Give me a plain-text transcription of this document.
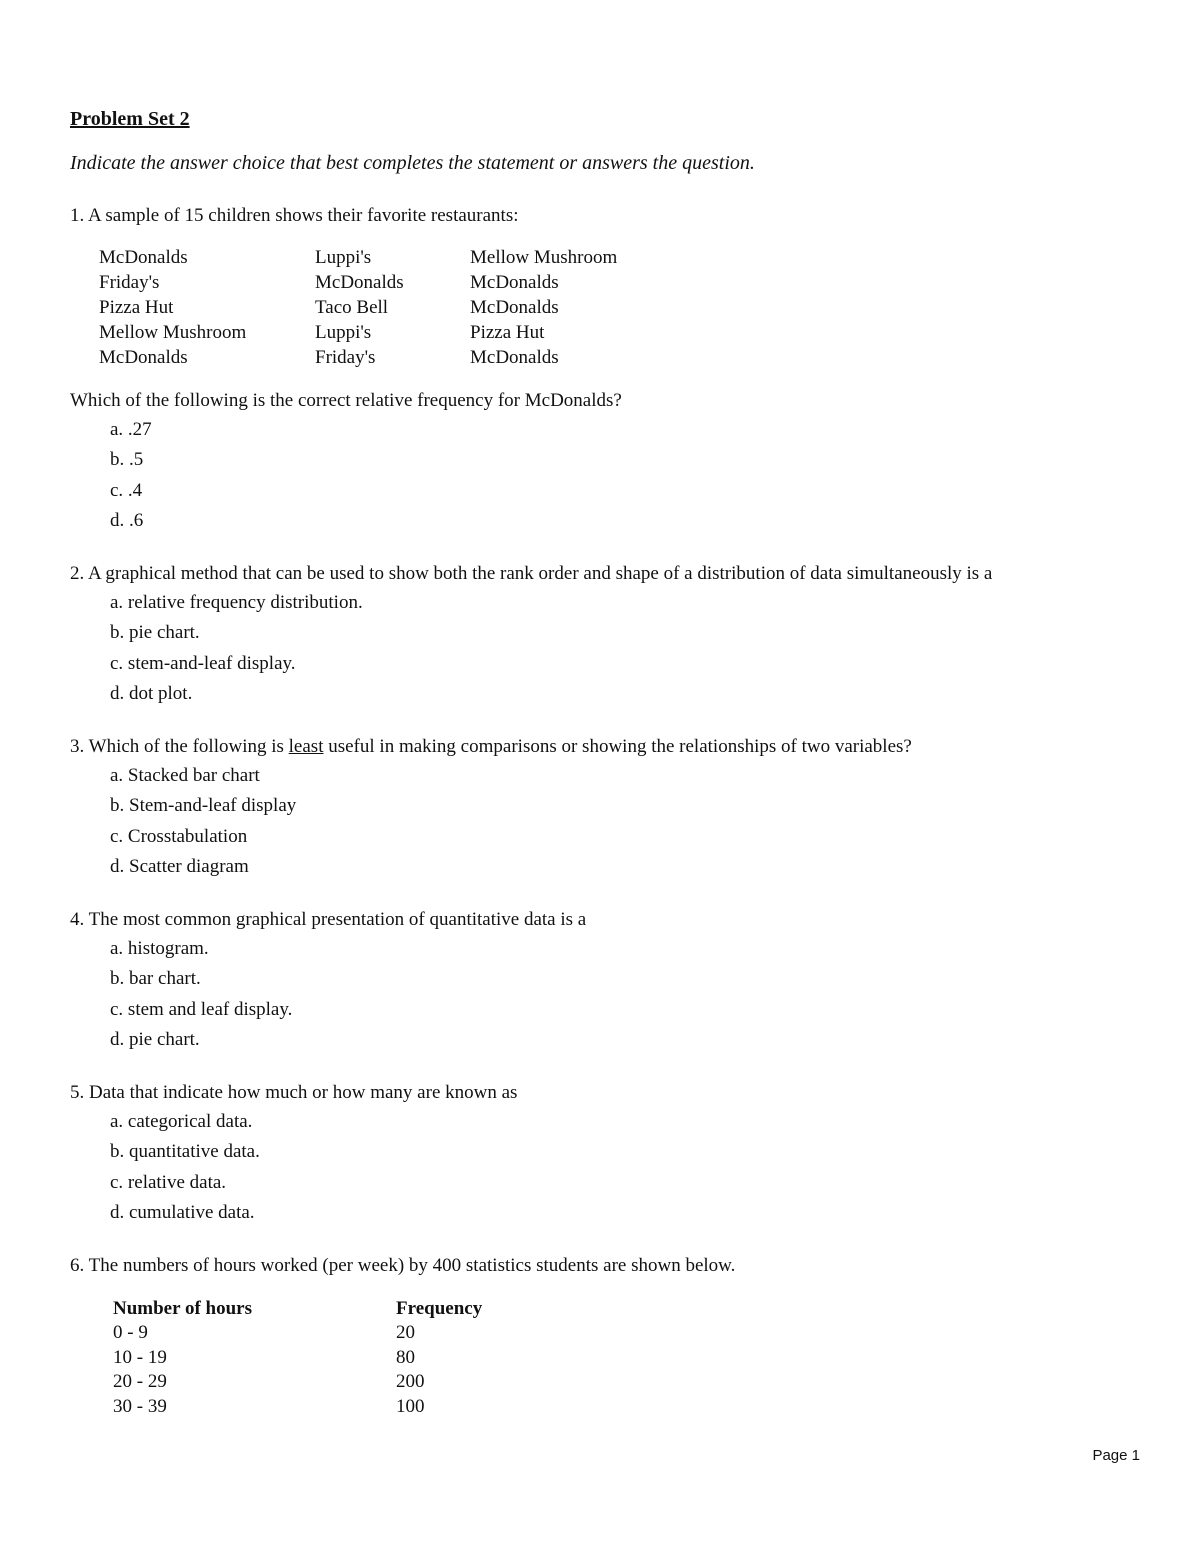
Problem Set 2
Indicate the answer choice that best completes the statement or answers the question.
1. A sample of 15 children shows their favorite restaurants:
McDonalds	Luppi's	Mellow Mushroom
Friday's	McDonalds	McDonalds
Pizza Hut	Taco Bell	McDonalds
Mellow Mushroom	Luppi's	Pizza Hut
McDonalds	Friday's	McDonalds
Which of the following is the correct relative frequency for McDonalds?
a. .27
b. .5
c. .4
d. .6
2. A graphical method that can be used to show both the rank order and shape of a distribution of data simultaneously is a
a. relative frequency distribution.
b. pie chart.
c. stem-and-leaf display.
d. dot plot.
3. Which of the following is least useful in making comparisons or showing the relationships of two variables?
a. Stacked bar chart
b. Stem-and-leaf display
c. Crosstabulation
d. Scatter diagram
4. The most common graphical presentation of quantitative data is a
a. histogram.
b. bar chart.
c. stem and leaf display.
d. pie chart.
5. Data that indicate how much or how many are known as
a. categorical data.
b. quantitative data.
c. relative data.
d. cumulative data.
6. The numbers of hours worked (per week) by 400 statistics students are shown below.
Number of hours	Frequency
0 - 9	20
10 - 19	80
20 - 29	200
30 - 39	100
Page 1
